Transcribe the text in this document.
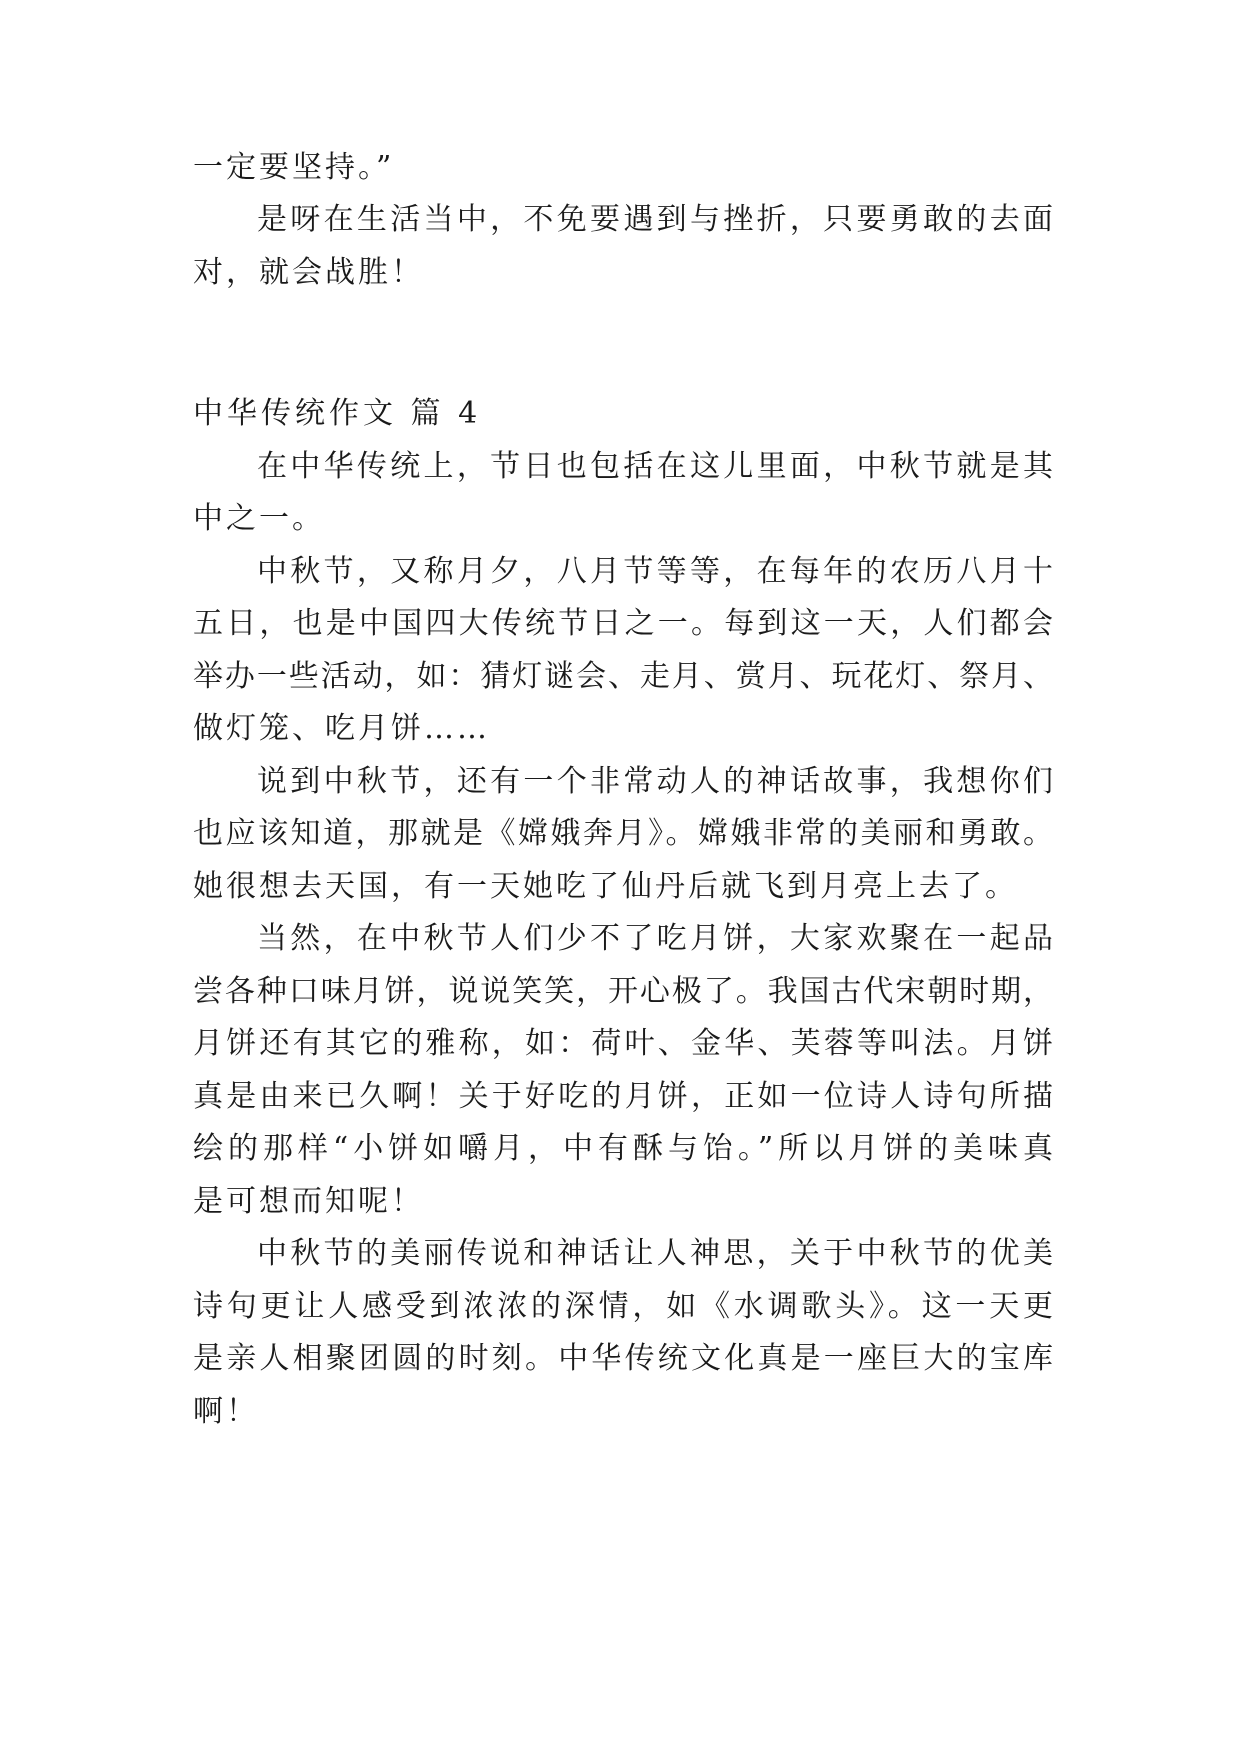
一定要坚持。”

是呀在生活当中，不免要遇到与挫折，只要勇敢的去面

对，就会战胜！

中华传统作文 篇 4

在中华传统上，节日也包括在这儿里面，中秋节就是其

中之一。

中秋节，又称月夕，八月节等等，在每年的农历八月十

五日，也是中国四大传统节日之一。每到这一天，人们都会

举办一些活动，如：猜灯谜会、走月、赏月、玩花灯、祭月、

做灯笼、吃月饼……

说到中秋节，还有一个非常动人的神话故事，我想你们

也应该知道，那就是《嫦娥奔月》。嫦娥非常的美丽和勇敢。

她很想去天国，有一天她吃了仙丹后就飞到月亮上去了。

当然，在中秋节人们少不了吃月饼，大家欢聚在一起品

尝各种口味月饼，说说笑笑，开心极了。我国古代宋朝时期，

月饼还有其它的雅称，如：荷叶、金华、芙蓉等叫法。月饼

真是由来已久啊！关于好吃的月饼，正如一位诗人诗句所描

绘的那样“小饼如嚼月，中有酥与饴。”所以月饼的美味真

是可想而知呢！

中秋节的美丽传说和神话让人神思，关于中秋节的优美

诗句更让人感受到浓浓的深情，如《水调歌头》。这一天更

是亲人相聚团圆的时刻。中华传统文化真是一座巨大的宝库

啊！
